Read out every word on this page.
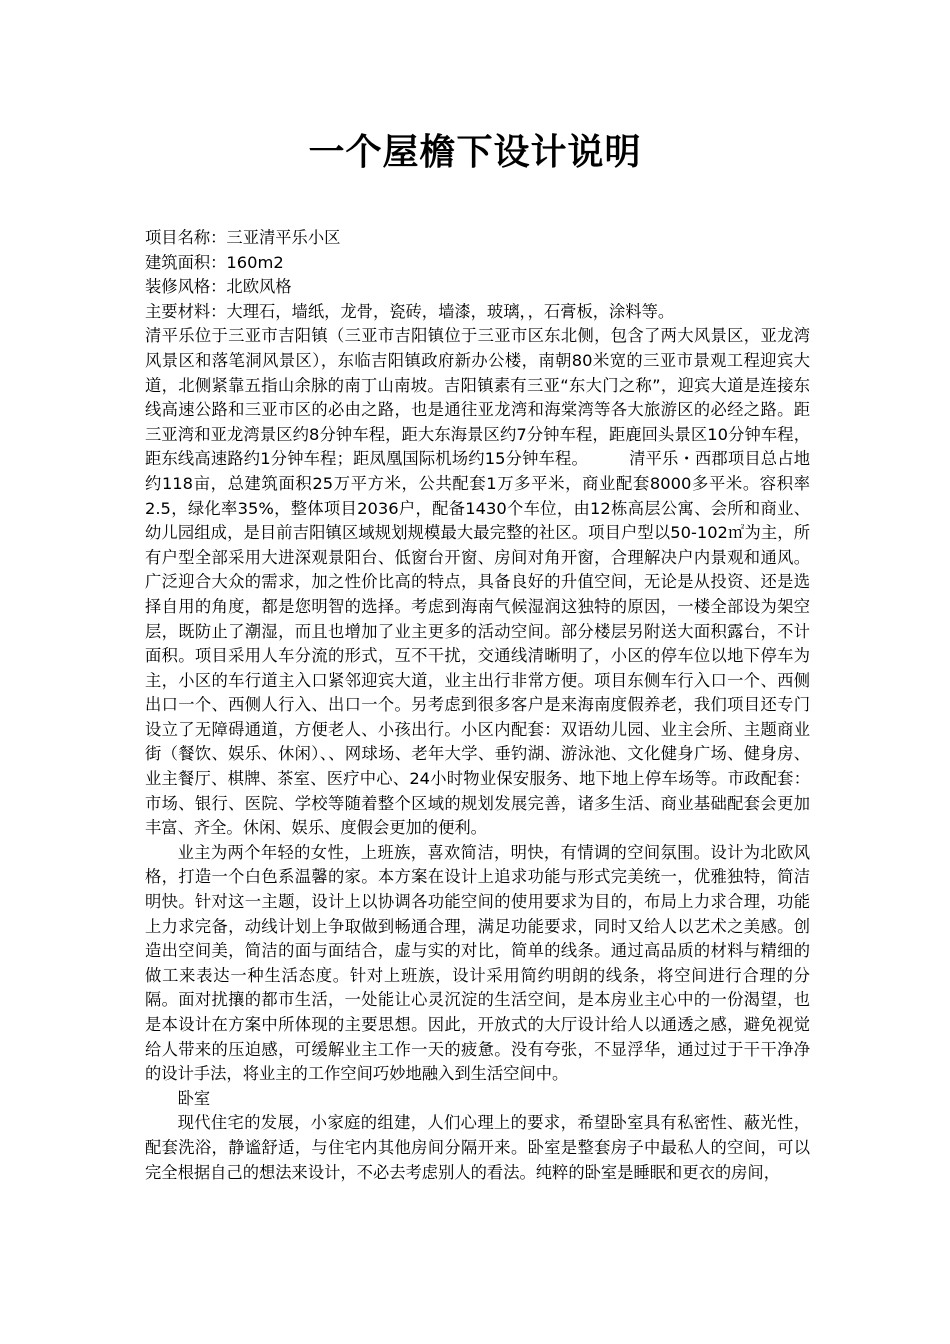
一个屋檐下设计说明

项目名称：三亚清平乐小区

建筑面积：160m2

装修风格：北欧风格

主要材料：大理石，墙纸，龙骨，瓷砖，墙漆，玻璃，，石膏板，涂料等。

清平乐位于三亚市吉阳镇（三亚市吉阳镇位于三亚市区东北侧，包含了两大风景区，亚龙湾风景区和落笔洞风景区），东临吉阳镇政府新办公楼，南朝80米宽的三亚市景观工程迎宾大道，北侧紧靠五指山余脉的南丁山南坡。吉阳镇素有三亚“东大门之称”，迎宾大道是连接东线高速公路和三亚市区的必由之路，也是通往亚龙湾和海棠湾等各大旅游区的必经之路。距三亚湾和亚龙湾景区约8分钟车程，距大东海景区约7分钟车程，距鹿回头景区10分钟车程，距东线高速路约1分钟车程；距凤凰国际机场约15分钟车程。　　　清平乐・西郡项目总占地约118亩，总建筑面积25万平方米，公共配套1万多平米，商业配套8000多平米。容积率2.5，绿化率35%，整体项目2036户，配备1430个车位，由12栋高层公寓、会所和商业、幼儿园组成，是目前吉阳镇区域规划规模最大最完整的社区。项目户型以50-102㎡为主，所有户型全部采用大进深观景阳台、低窗台开窗、房间对角开窗，合理解决户内景观和通风。广泛迎合大众的需求，加之性价比高的特点，具备良好的升值空间，无论是从投资、还是选择自用的角度，都是您明智的选择。考虑到海南气候湿润这独特的原因，一楼全部设为架空层，既防止了潮湿，而且也增加了业主更多的活动空间。部分楼层另附送大面积露台，不计面积。项目采用人车分流的形式，互不干扰，交通线清晰明了，小区的停车位以地下停车为主，小区的车行道主入口紧邻迎宾大道，业主出行非常方便。项目东侧车行入口一个、西侧出口一个、西侧人行入、出口一个。另考虑到很多客户是来海南度假养老，我们项目还专门设立了无障碍通道，方便老人、小孩出行。小区内配套：双语幼儿园、业主会所、主题商业街（餐饮、娱乐、休闲）、、网球场、老年大学、垂钓湖、游泳池、文化健身广场、健身房、业主餐厅、棋牌、茶室、医疗中心、24小时物业保安服务、地下地上停车场等。市政配套：市场、银行、医院、学校等随着整个区域的规划发展完善，诸多生活、商业基础配套会更加丰富、齐全。休闲、娱乐、度假会更加的便利。

业主为两个年轻的女性，上班族，喜欢简洁，明快，有情调的空间氛围。设计为北欧风格，打造一个白色系温馨的家。本方案在设计上追求功能与形式完美统一，优雅独特，简洁明快。针对这一主题，设计上以协调各功能空间的使用要求为目的，布局上力求合理，功能上力求完备，动线计划上争取做到畅通合理，满足功能要求，同时又给人以艺术之美感。创造出空间美，简洁的面与面结合，虚与实的对比，简单的线条。通过高品质的材料与精细的做工来表达一种生活态度。针对上班族，设计采用简约明朗的线条，将空间进行合理的分隔。面对扰攘的都市生活，一处能让心灵沉淀的生活空间，是本房业主心中的一份渴望，也是本设计在方案中所体现的主要思想。因此，开放式的大厅设计给人以通透之感，避免视觉给人带来的压迫感，可缓解业主工作一天的疲惫。没有夸张，不显浮华，通过过于干干净净的设计手法，将业主的工作空间巧妙地融入到生活空间中。

卧室

现代住宅的发展，小家庭的组建，人们心理上的要求，希望卧室具有私密性、蔽光性，配套洗浴，静谧舒适，与住宅内其他房间分隔开来。卧室是整套房子中最私人的空间，可以完全根据自己的想法来设计，不必去考虑别人的看法。纯粹的卧室是睡眠和更衣的房间，
